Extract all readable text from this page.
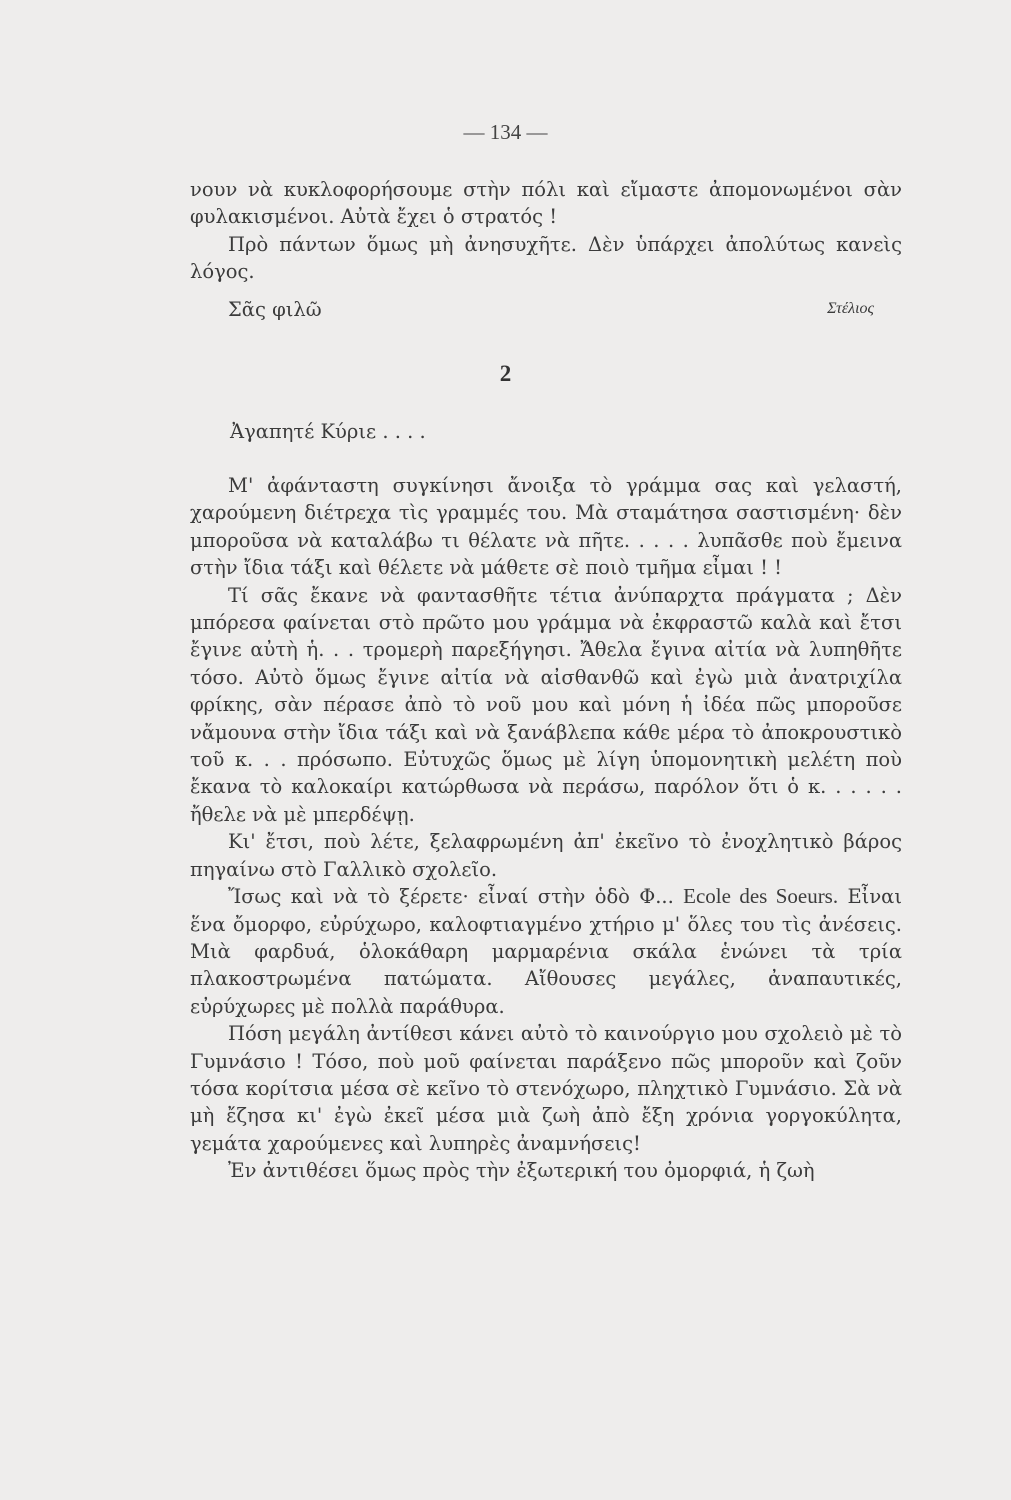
— 134 —

νουν νὰ κυκλοφορήσουμε στὴν πόλι καὶ εἴμαστε ἀπομονωμένοι σὰν φυλακισμένοι. Αὐτὰ ἔχει ὁ στρατός !

Πρὸ πάντων ὅμως μὴ ἀνησυχῆτε. Δὲν ὑπάρχει ἀπολύτως κανεὶς λόγος.

Σᾶς φιλῶ	Στέλιος
2
Ἀγαπητέ Κύριε . . . .

Μ' ἀφάνταστη συγκίνησι ἄνοιξα τὸ γράμμα σας καὶ γελαστή, χαρούμενη διέτρεχα τὶς γραμμές του. Μὰ σταμάτησα σαστισμένη· δὲν μποροῦσα νὰ καταλάβω τι θέλατε νὰ πῆτε. . . . . λυπᾶσθε ποὺ ἔμεινα στὴν ἴδια τάξι καὶ θέλετε νὰ μάθετε σὲ ποιὸ τμῆμα εἶμαι ! !

Τί σᾶς ἔκανε νὰ φαντασθῆτε τέτια ἀνύπαρχτα πράγματα ; Δὲν μπόρεσα φαίνεται στὸ πρῶτο μου γράμμα νὰ ἐκφραστῶ καλὰ καὶ ἔτσι ἔγινε αὐτὴ ἡ. . . τρομερὴ παρεξήγησι. Ἄθελα ἔγινα αἰτία νὰ λυπηθῆτε τόσο. Αὐτὸ ὅμως ἔγινε αἰτία νὰ αἰσθανθῶ καὶ ἐγὼ μιὰ ἀνατριχίλα φρίκης, σὰν πέρασε ἀπὸ τὸ νοῦ μου καὶ μόνη ἡ ἰδέα πῶς μποροῦσε νἄμουνα στὴν ἴδια τάξι καὶ νὰ ξανάβλεπα κάθε μέρα τὸ ἀποκρουστικὸ τοῦ κ. . . πρόσωπο. Εὐτυχῶς ὅμως μὲ λίγη ὑπομονητικὴ μελέτη ποὺ ἔκανα τὸ καλοκαίρι κατώρθωσα νὰ περάσω, παρόλον ὅτι ὁ κ. . . . . . ἤθελε νὰ μὲ μπερδέψῃ.

Κι' ἔτσι, ποὺ λέτε, ξελαφρωμένη ἀπ' ἐκεῖνο τὸ ἐνοχλητικὸ βάρος πηγαίνω στὸ Γαλλικὸ σχολεῖο.

Ἴσως καὶ νὰ τὸ ξέρετε· εἶναί στὴν ὁδὸ Φ... Ecole des Soeurs. Εἶναι ἕνα ὄμορφο, εὐρύχωρο, καλοφτιαγμένο χτήριο μ' ὅλες του τὶς ἀνέσεις. Μιὰ φαρδυά, ὁλοκάθαρη μαρμαρένια σκάλα ἑνώνει τὰ τρία πλακοστρωμένα πατώματα. Αἴθουσες μεγάλες, ἀναπαυτικές, εὐρύχωρες μὲ πολλὰ παράθυρα.

Πόση μεγάλη ἀντίθεσι κάνει αὐτὸ τὸ καινούργιο μου σχολειὸ μὲ τὸ Γυμνάσιο ! Τόσο, ποὺ μοῦ φαίνεται παράξενο πῶς μποροῦν καὶ ζοῦν τόσα κορίτσια μέσα σὲ κεῖνο τὸ στενόχωρο, πληχτικὸ Γυμνάσιο. Σὰ νὰ μὴ ἔζησα κι' ἐγὼ ἐκεῖ μέσα μιὰ ζωὴ ἀπὸ ἔξη χρόνια γοργοκύλητα, γεμάτα χαρούμενες καὶ λυπηρὲς ἀναμνήσεις!

Ἐν ἀντιθέσει ὅμως πρὸς τὴν ἐξωτερική του ὀμορφιά, ἡ ζωὴ
